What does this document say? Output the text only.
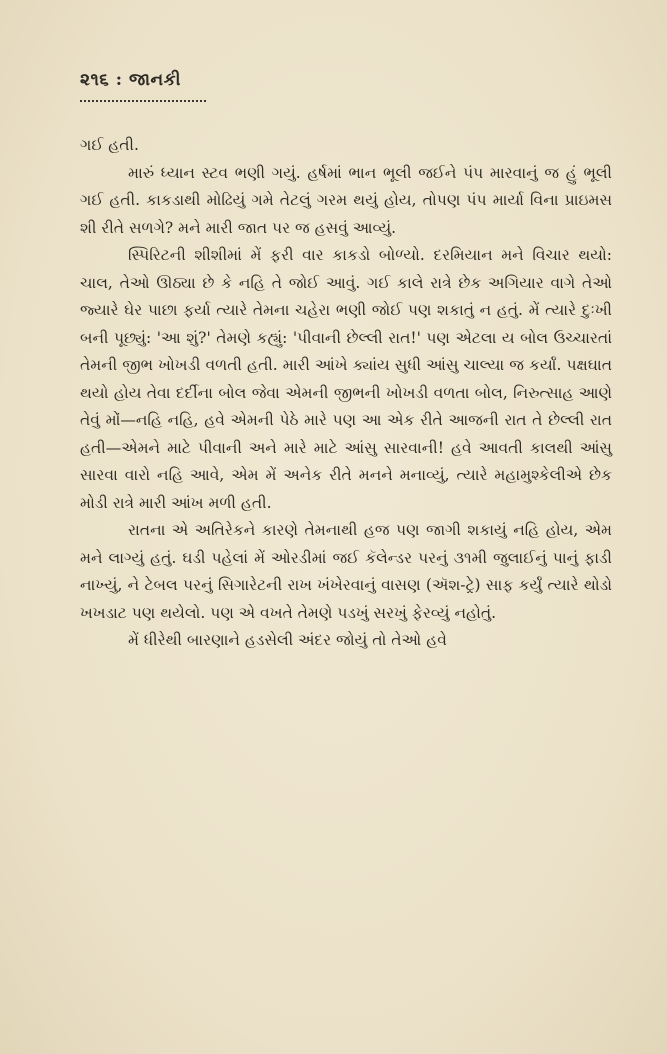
૨૧૬ : જાનકી

ગઈ હતી.

મારું ધ્યાન સ્ટવ ભણી ગયું. હર્ષમાં ભાન ભૂલી જઈને પંપ મારવાનું જ હું ભૂલી ગઈ હતી. કાકડાથી મોઢિયું ગમે તેટલું ગરમ થયું હોય, તોપણ પંપ માર્યા વિના પ્રાઇમસ શી રીતે સળગે? મને મારી જાત પર જ હસવું આવ્યું.

સ્પિરિટની શીશીમાં મેં ફરી વાર કાકડો બોળ્યો. દરમિયાન મને વિચાર થયો: ચાલ, તેઓ ઊઠ્યા છે કે નહિ તે જોઈ આવું. ગઈ કાલે રાત્રે છેક અગિયાર વાગે તેઓ જ્યારે ઘેર પાછા ફર્યા ત્યારે તેમના ચહેરા ભણી જોઈ પણ શકાતું ન હતું. મેં ત્યારે દુઃખી બની પૂછ્યું: 'આ શું?' તેમણે કહ્યું: 'પીવાની છેલ્લી રાત!' પણ એટલા ય બોલ ઉચ્ચારતાં તેમની જીભ ખોખડી વળતી હતી. મારી આંખે ક્યાંય સુધી આંસુ ચાલ્યા જ કર્યાં. પક્ષઘાત થયો હોય તેવા દર્દીના બોલ જેવા એમની જીભની ખોખડી વળતા બોલ, નિરુત્સાહ આણે તેવું મોં—નહિ નહિ, હવે એમની પેઠે મારે પણ આ એક રીતે આજની રાત તે છેલ્લી રાત હતી—એમને માટે પીવાની અને મારે માટે આંસુ સારવાની! હવે આવતી કાલથી આંસુ સારવા વારો નહિ આવે, એમ મેં અનેક રીતે મનને મનાવ્યું, ત્યારે મહામુશ્કેલીએ છેક મોડી રાત્રે મારી આંખ મળી હતી.

રાતના એ અતિરેકને કારણે તેમનાથી હજ પણ જાગી શકાયું નહિ હોય, એમ મને લાગ્યું હતું. ઘડી પહેલાં મેં ઓરડીમાં જઈ કૅલેન્ડર પરનું ૩૧મી જુલાઈનું પાનું ફાડી નાખ્યું, ને ટેબલ પરનું સિગારેટની રાખ ખંખેરવાનું વાસણ (ઍશ-ટ્રે) સાફ કર્યું ત્યારે થોડો ખખડાટ પણ થયેલો. પણ એ વખતે તેમણે પડખું સરખું ફેરવ્યું નહોતું.

મેં ધીરેથી બારણાને હડસેલી અંદર જોયું તો તેઓ હવે
